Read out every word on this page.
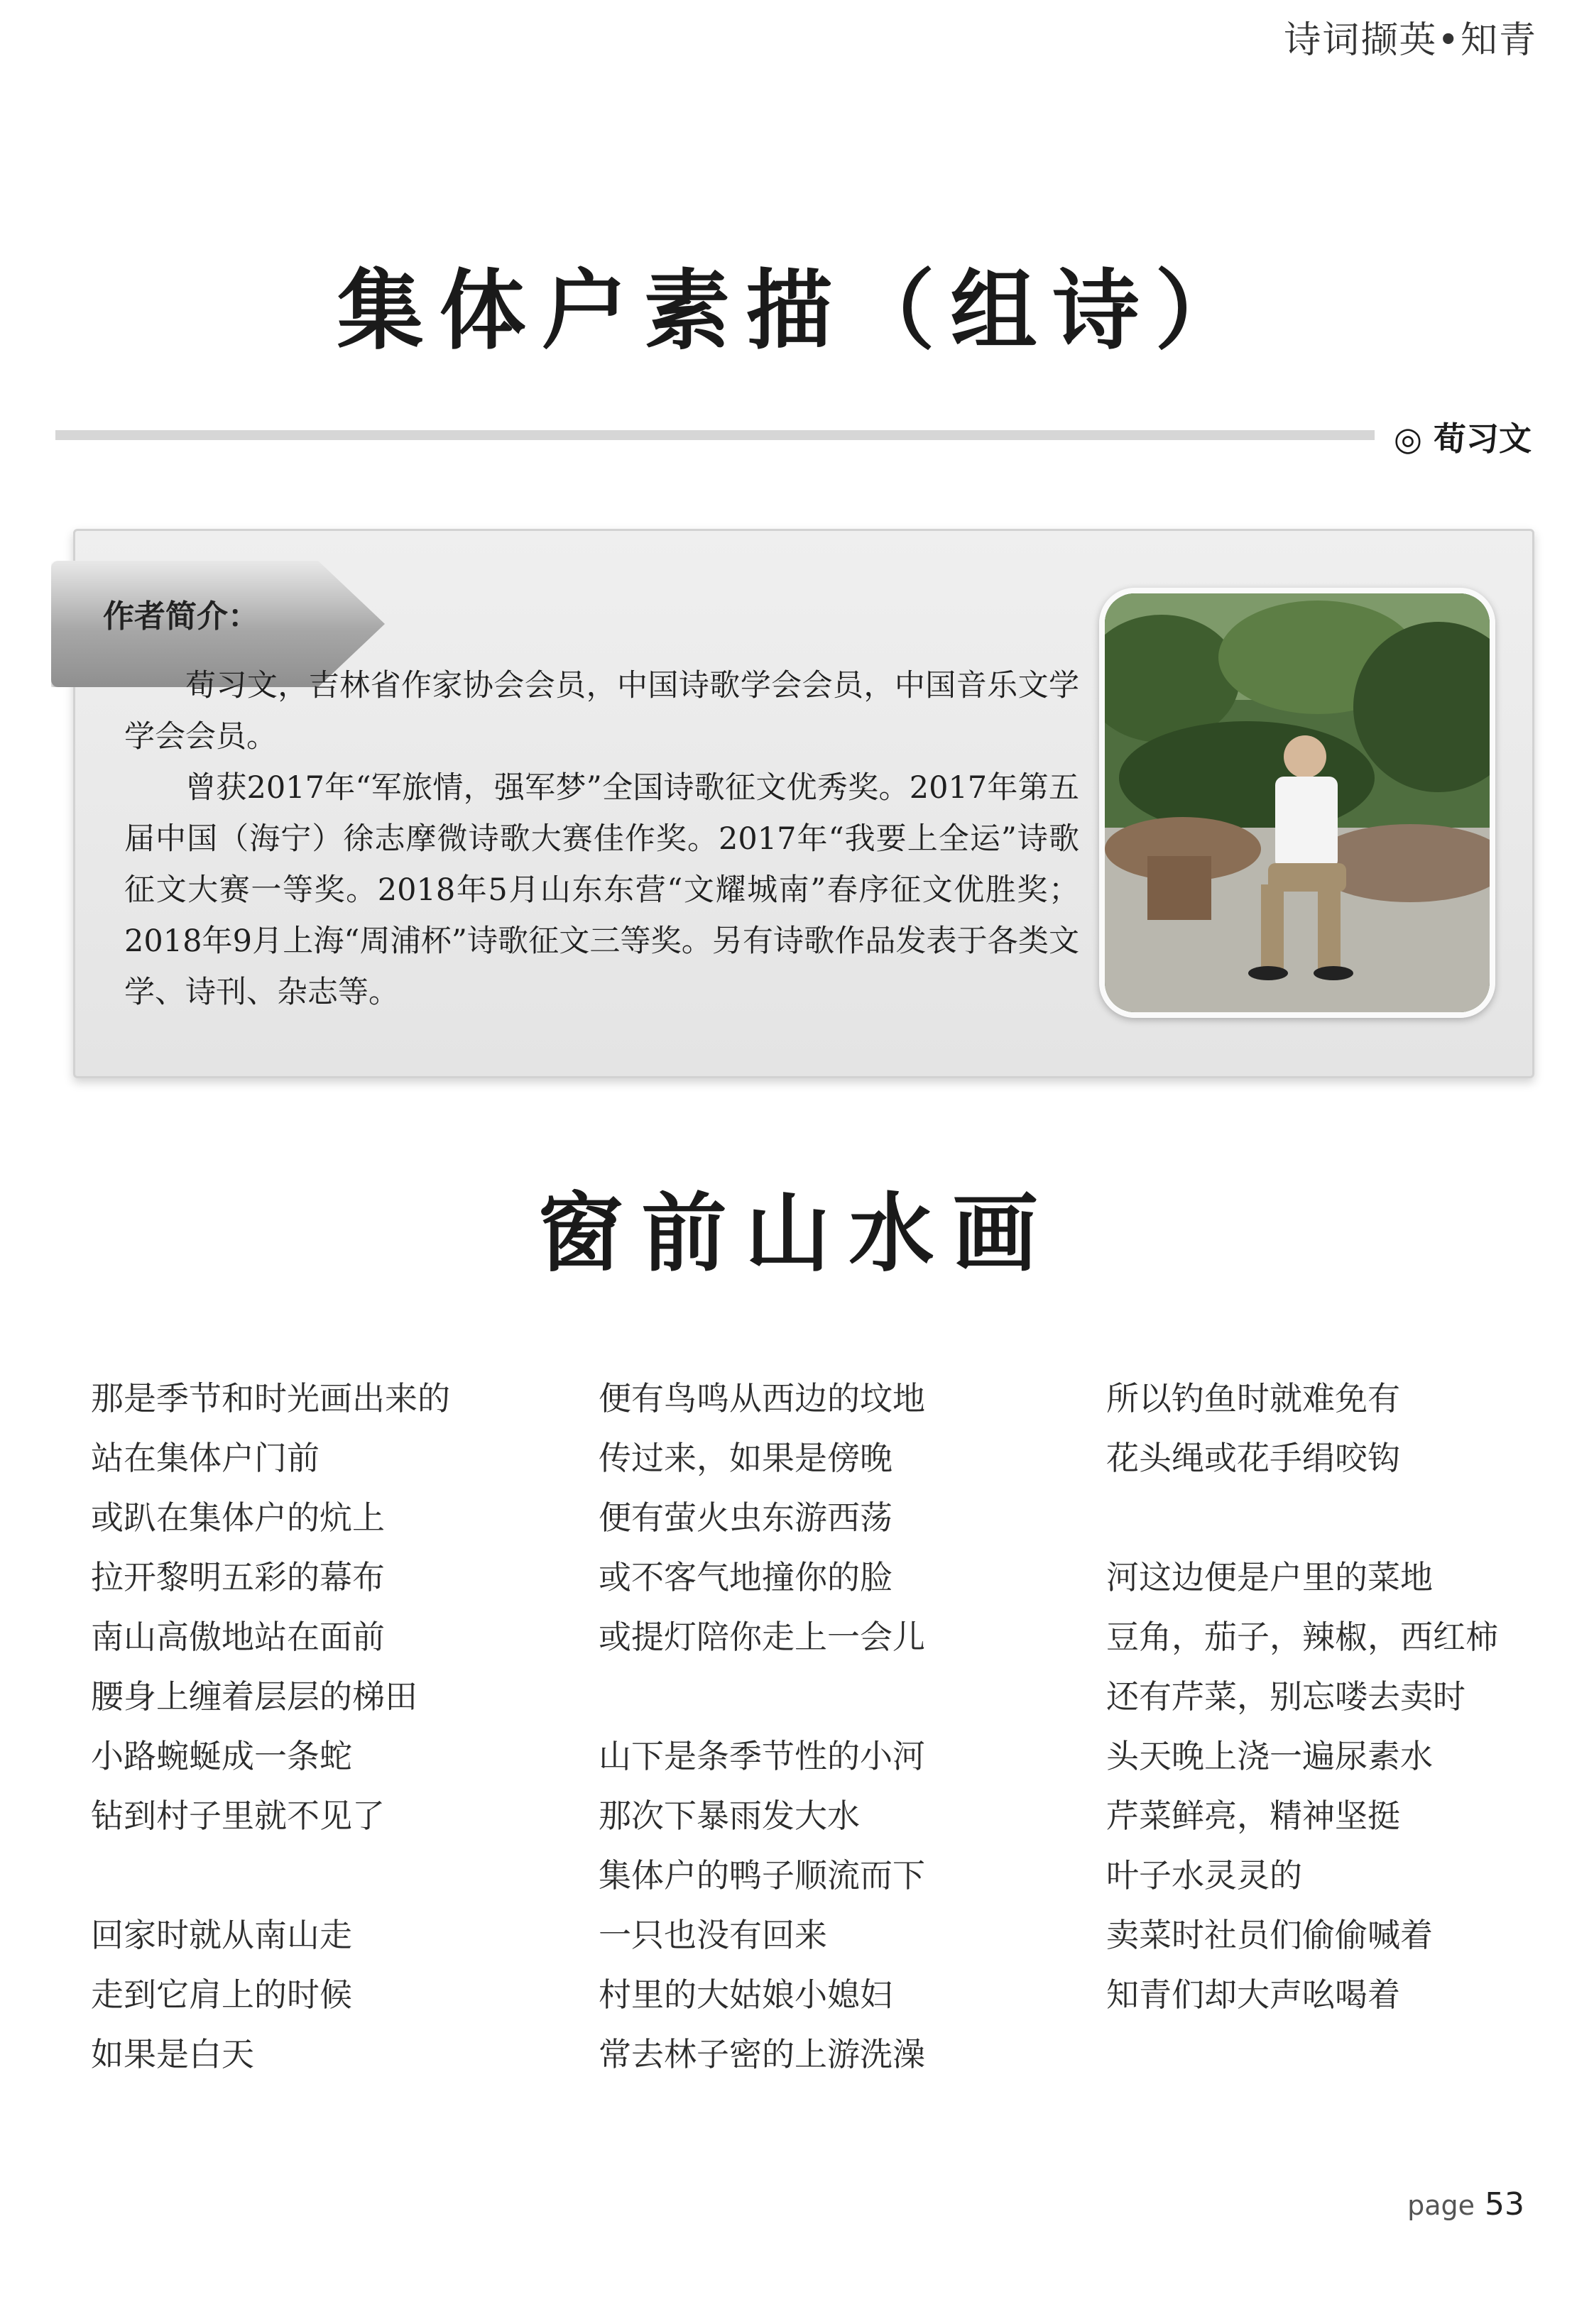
诗词撷英•知青
集体户素描（组诗）
◎ 荀习文
作者简介：

荀习文，吉林省作家协会会员，中国诗歌学会会员，中国音乐文学学会会员。

曾获2017年“军旅情，强军梦”全国诗歌征文优秀奖。2017年第五届中国（海宁）徐志摩微诗歌大赛佳作奖。2017年“我要上全运”诗歌征文大赛一等奖。2018年5月山东东营“文耀城南”春序征文优胜奖；2018年9月上海“周浦杯”诗歌征文三等奖。另有诗歌作品发表于各类文学、诗刊、杂志等。

窗前山水画
那是季节和时光画出来的
站在集体户门前
或趴在集体户的炕上
拉开黎明五彩的幕布
南山高傲地站在面前
腰身上缠着层层的梯田
小路蜿蜒成一条蛇
钻到村子里就不见了
回家时就从南山走
走到它肩上的时候
如果是白天
便有鸟鸣从西边的坟地
传过来，如果是傍晚
便有萤火虫东游西荡
或不客气地撞你的脸
或提灯陪你走上一会儿
山下是条季节性的小河
那次下暴雨发大水
集体户的鸭子顺流而下
一只也没有回来
村里的大姑娘小媳妇
常去林子密的上游洗澡
所以钓鱼时就难免有
花头绳或花手绢咬钩
河这边便是户里的菜地
豆角，茄子，辣椒，西红柿
还有芹菜，别忘喽去卖时
头天晚上浇一遍尿素水
芹菜鲜亮，精神坚挺
叶子水灵灵的
卖菜时社员们偷偷喊着
知青们却大声吆喝着
page 53
